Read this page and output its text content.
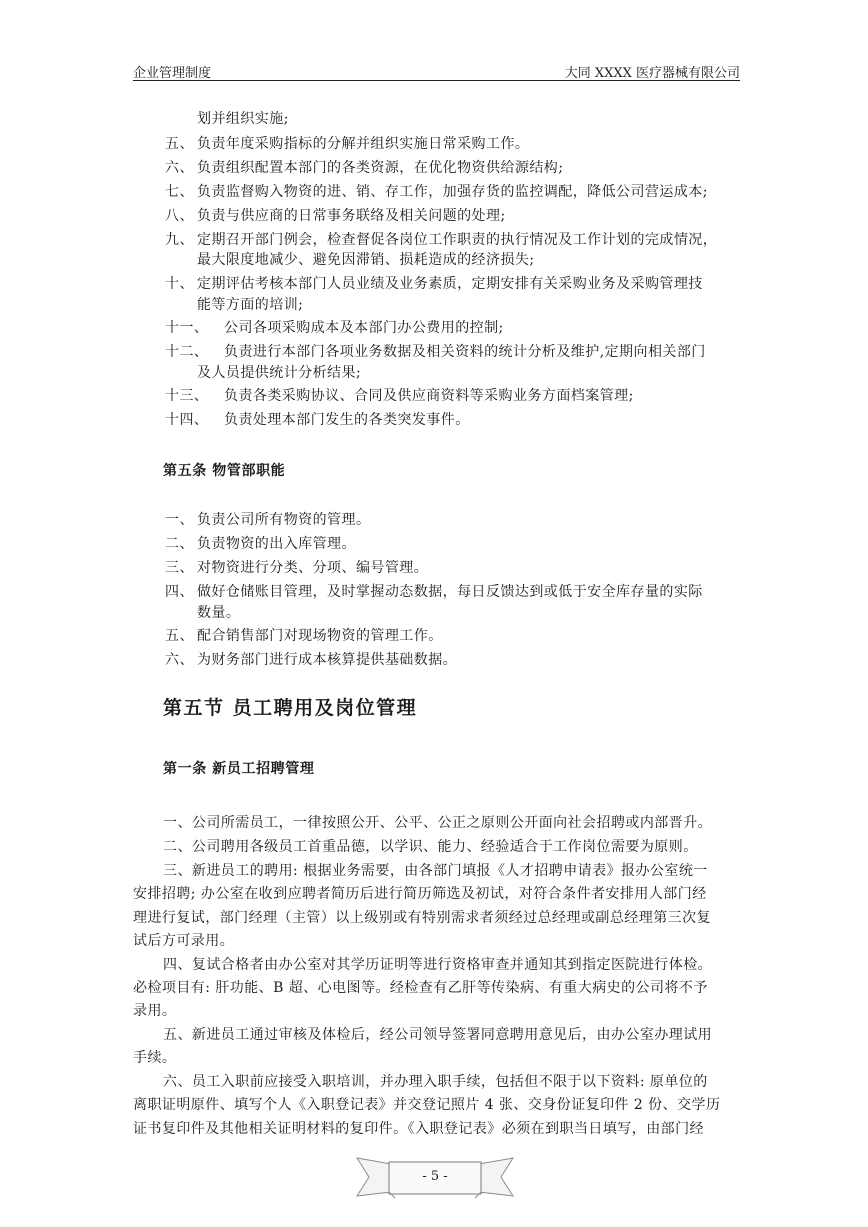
企业管理制度	大同 XXXX 医疗器械有限公司
划并组织实施;
五、 负责年度采购指标的分解并组织实施日常采购工作。
六、 负责组织配置本部门的各类资源，在优化物资供给源结构;
七、 负责监督购入物资的进、销、存工作，加强存货的监控调配，降低公司营运成本;
八、 负责与供应商的日常事务联络及相关问题的处理;
九、 定期召开部门例会，检查督促各岗位工作职责的执行情况及工作计划的完成情况，
最大限度地减少、避免因滞销、损耗造成的经济损失;
十、 定期评估考核本部门人员业绩及业务素质，定期安排有关采购业务及采购管理技
能等方面的培训;
十一、 公司各项采购成本及本部门办公费用的控制;
十二、 负责进行本部门各项业务数据及相关资料的统计分析及维护,定期向相关部门
及人员提供统计分析结果;
十三、 负责各类采购协议、合同及供应商资料等采购业务方面档案管理;
十四、 负责处理本部门发生的各类突发事件。
第五条 物管部职能
一、 负责公司所有物资的管理。
二、 负责物资的出入库管理。
三、 对物资进行分类、分项、编号管理。
四、 做好仓储账目管理，及时掌握动态数据，每日反馈达到或低于安全库存量的实际
数量。
五、 配合销售部门对现场物资的管理工作。
六、 为财务部门进行成本核算提供基础数据。
第五节 员工聘用及岗位管理
第一条 新员工招聘管理
一、公司所需员工，一律按照公开、公平、公正之原则公开面向社会招聘或内部晋升。
二、公司聘用各级员工首重品德，以学识、能力、经验适合于工作岗位需要为原则。
三、新进员工的聘用: 根据业务需要，由各部门填报《人才招聘申请表》报办公室统一
安排招聘; 办公室在收到应聘者简历后进行简历筛选及初试，对符合条件者安排用人部门经
理进行复试，部门经理（主管）以上级别或有特别需求者须经过总经理或副总经理第三次复
试后方可录用。
四、复试合格者由办公室对其学历证明等进行资格审查并通知其到指定医院进行体检。
必检项目有: 肝功能、B 超、心电图等。经检查有乙肝等传染病、有重大病史的公司将不予
录用。
五、新进员工通过审核及体检后，经公司领导签署同意聘用意见后，由办公室办理试用
手续。
六、员工入职前应接受入职培训，并办理入职手续，包括但不限于以下资料: 原单位的
离职证明原件、填写个人《入职登记表》并交登记照片 4 张、交身份证复印件 2 份、交学历
证书复印件及其他相关证明材料的复印件。《入职登记表》必须在到职当日填写，由部门经
- 5 -
